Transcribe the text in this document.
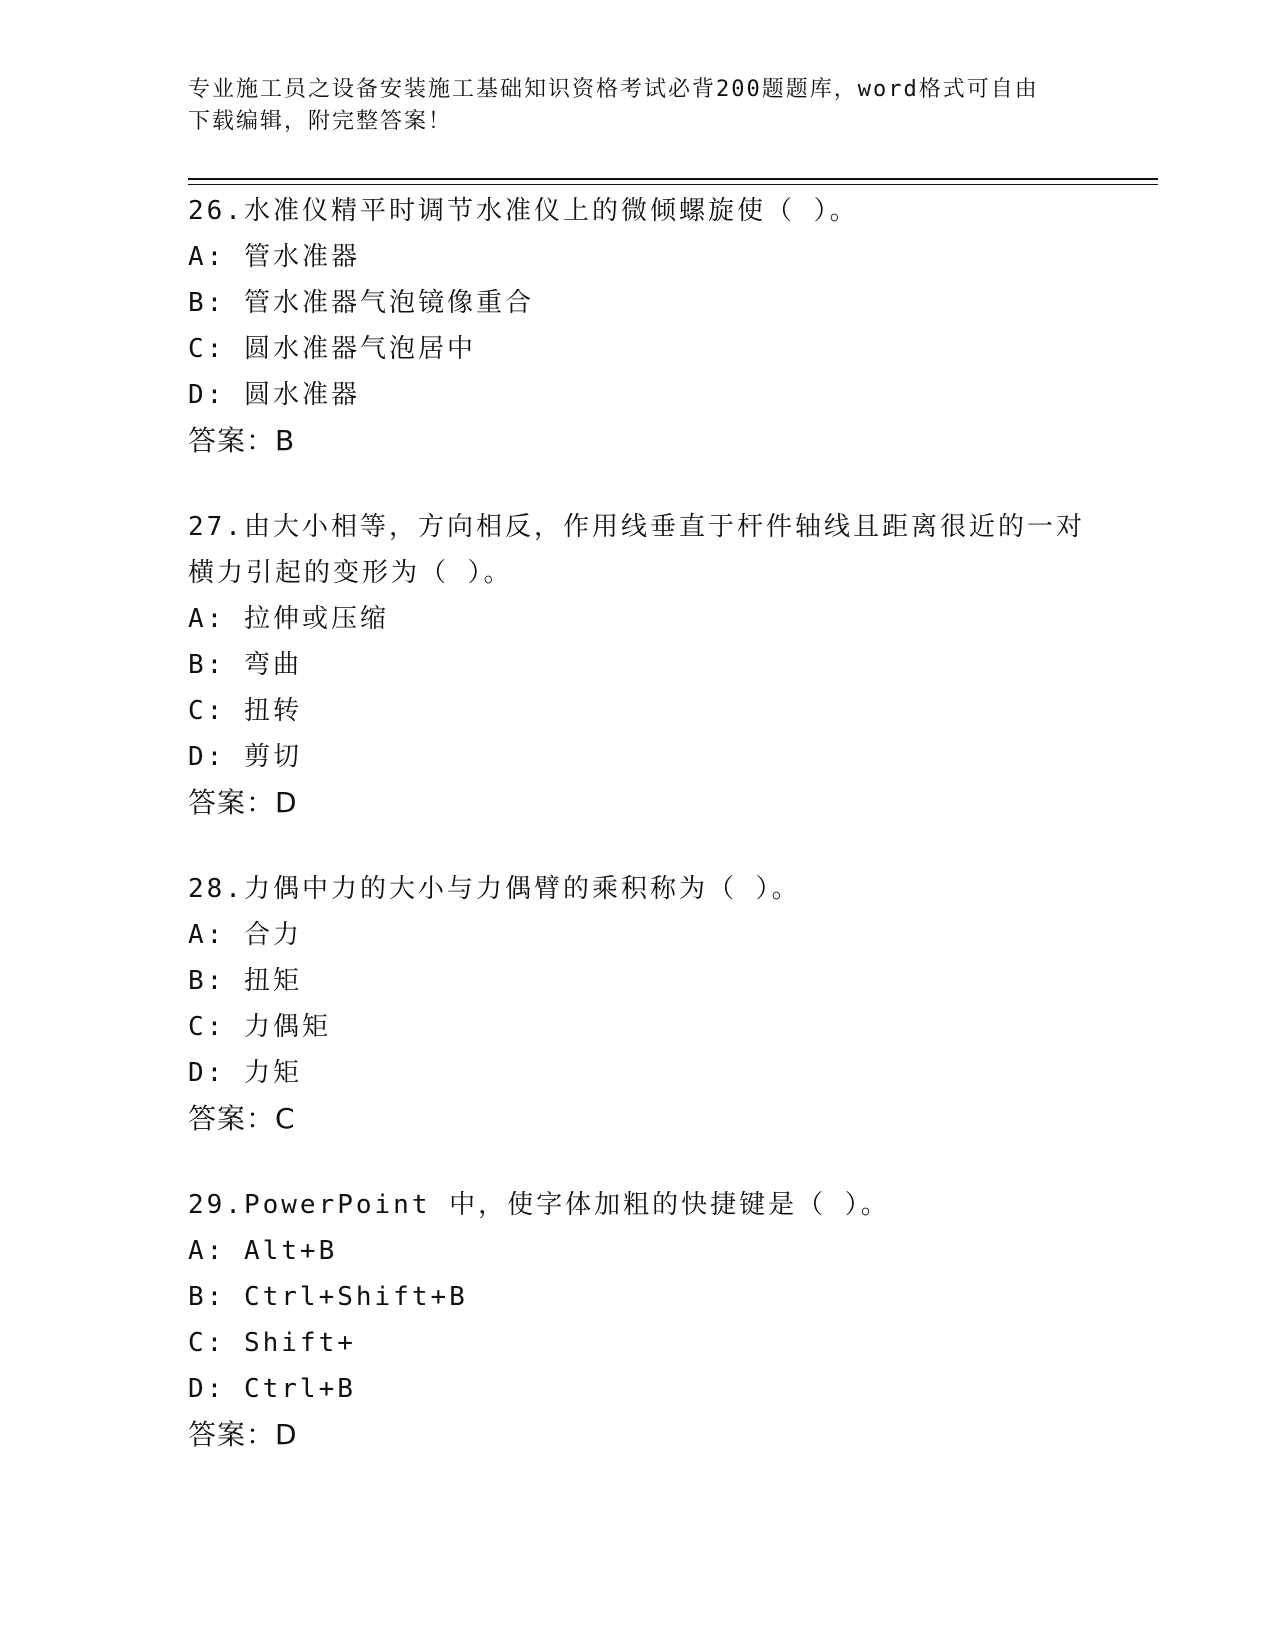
专业施工员之设备安装施工基础知识资格考试必背200题题库，word格式可自由
下载编辑，附完整答案！
26.水准仪精平时调节水准仪上的微倾螺旋使（ ）。
A: 管水准器
B: 管水准器气泡镜像重合
C: 圆水准器气泡居中
D: 圆水准器
答案：B
27.由大小相等，方向相反，作用线垂直于杆件轴线且距离很近的一对
横力引起的变形为（ ）。
A: 拉伸或压缩
B: 弯曲
C: 扭转
D: 剪切
答案：D
28.力偶中力的大小与力偶臂的乘积称为（ ）。
A: 合力
B: 扭矩
C: 力偶矩
D: 力矩
答案：C
29.PowerPoint 中，使字体加粗的快捷键是（ ）。
A: Alt+B
B: Ctrl+Shift+B
C: Shift+
D: Ctrl+B
答案：D
